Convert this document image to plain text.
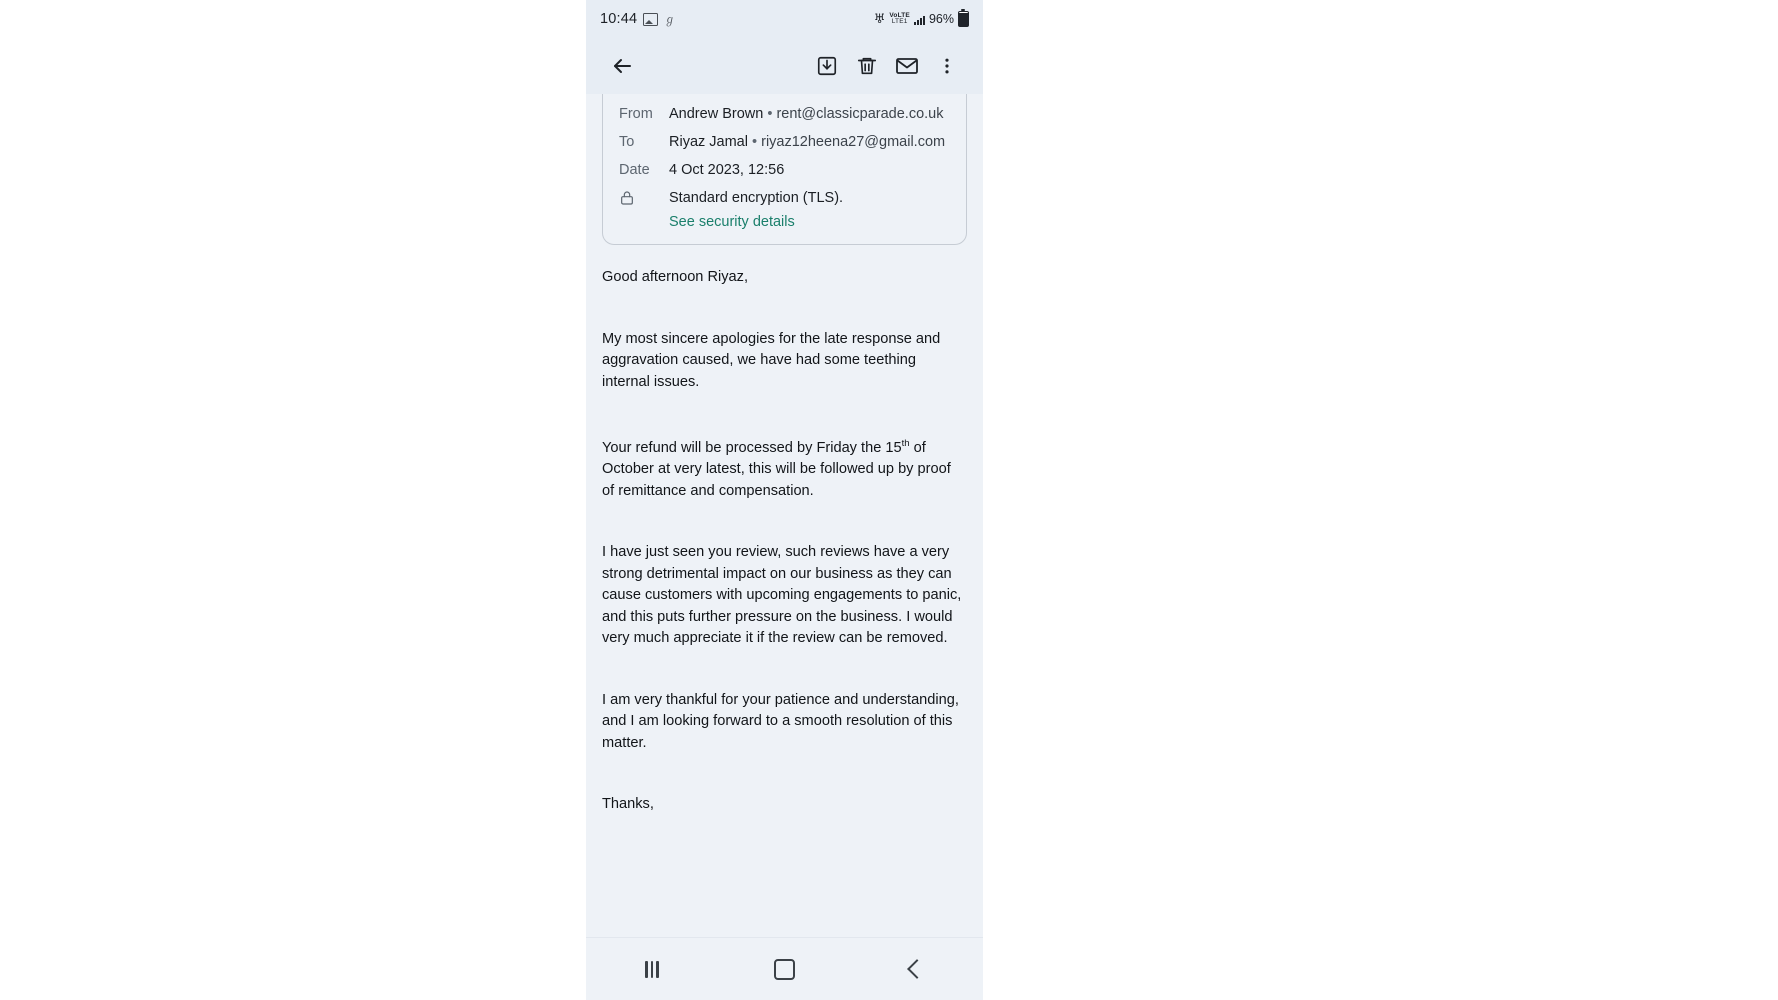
10:44 ℊ	♅ VoLTE
LTE1 96%
From	Andrew Brown • rent@classicparade.co.uk
To	Riyaz Jamal • riyaz12heena27@gmail.com
Date	4 Oct 2023, 12:56
Standard encryption (TLS).
See security details

Good afternoon Riyaz,

My most sincere apologies for the late response and aggravation caused, we have had some teething internal issues.

Your refund will be processed by Friday the 15th of October at very latest, this will be followed up by proof of remittance and compensation.

I have just seen you review, such reviews have a very strong detrimental impact on our business as they can cause customers with upcoming engagements to panic, and this puts further pressure on the business. I would very much appreciate it if the review can be removed.

I am very thankful for your patience and understanding, and I am looking forward to a smooth resolution of this matter.

Thanks,
